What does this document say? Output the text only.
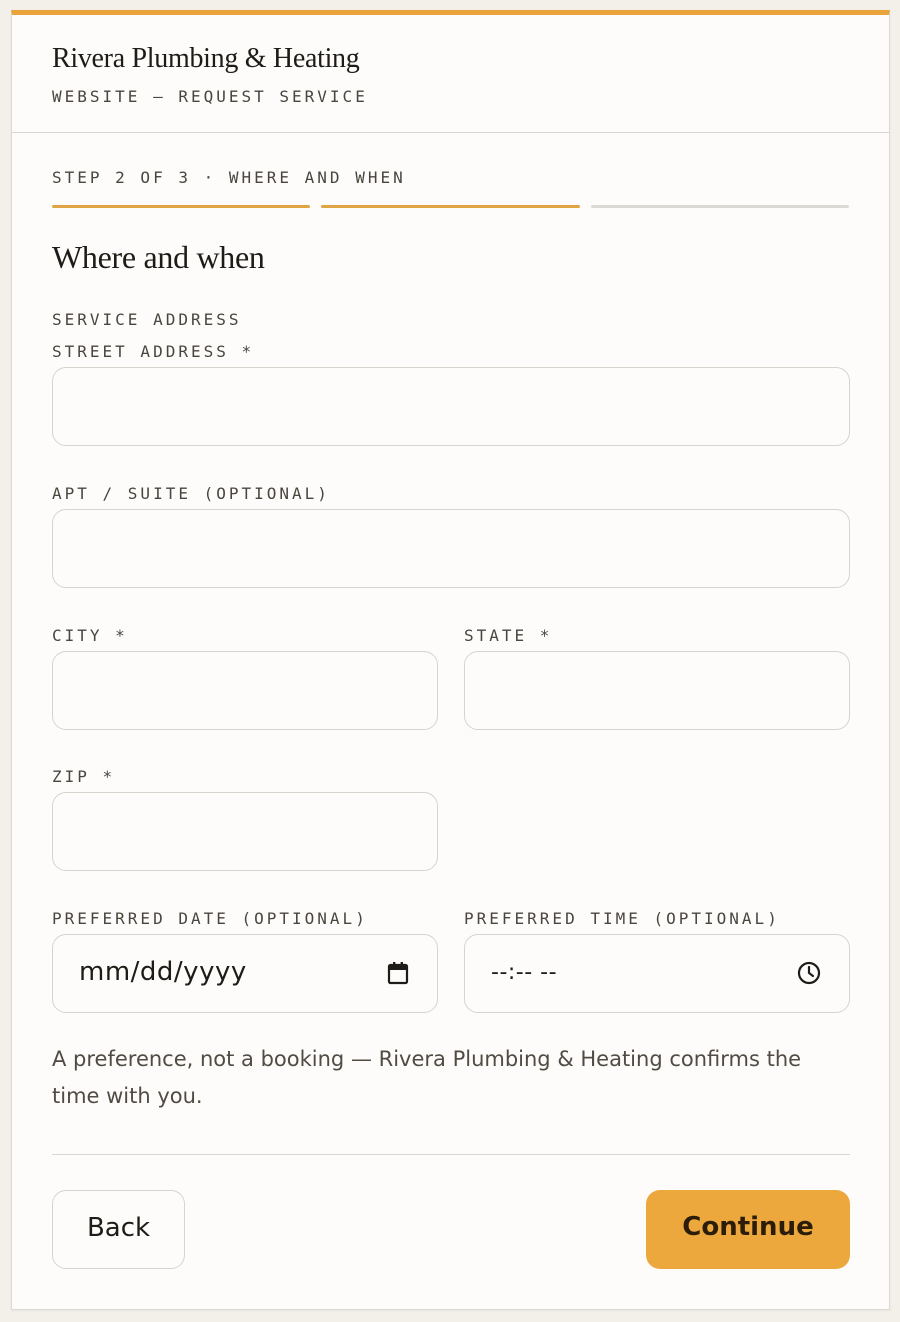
Rivera Plumbing & Heating
WEBSITE — REQUEST SERVICE
STEP 2 OF 3 · WHERE AND WHEN
Where and when
SERVICE ADDRESS
STREET ADDRESS *
APT / SUITE (OPTIONAL)
CITY *	STATE *
ZIP *
PREFERRED DATE (OPTIONAL)
mm/dd/yyyy
PREFERRED TIME (OPTIONAL)
--:-- --
A preference, not a booking — Rivera Plumbing & Heating confirms the time with you.
Back	Continue
